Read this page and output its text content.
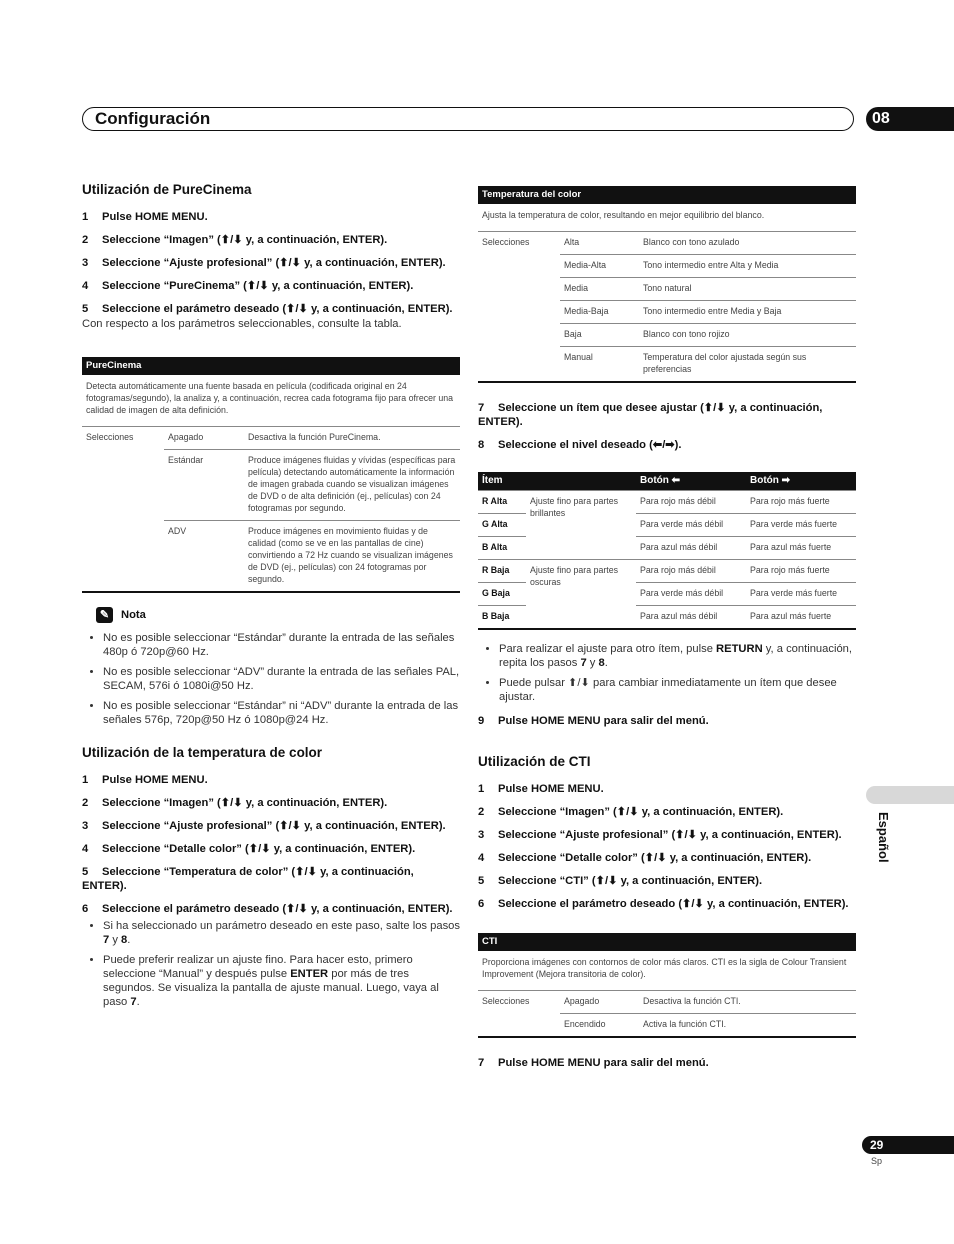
Configuración	08
Español
29
Sp
Utilización de PureCinema
1 Pulse HOME MENU.
2 Seleccione “Imagen” (⬆/⬇ y, a continuación, ENTER).
3 Seleccione “Ajuste profesional” (⬆/⬇ y, a continuación, ENTER).
4 Seleccione “PureCinema” (⬆/⬇ y, a continuación, ENTER).
5 Seleccione el parámetro deseado (⬆/⬇ y, a continuación, ENTER).
Con respecto a los parámetros seleccionables, consulte la tabla.
PureCinema		
Detecta automáticamente una fuente basada en película (codificada original en 24 fotogramas/segundo), la analiza y, a continuación, recrea cada fotograma fijo para ofrecer una calidad de imagen de alta definición.		
Selecciones	Apagado	Desactiva la función PureCinema.
	Estándar	Produce imágenes fluidas y vívidas (específicas para película) detectando automáticamente la información de imagen grabada cuando se visualizan imágenes de DVD o de alta definición (ej., películas) con 24 fotogramas por segundo.
	ADV	Produce imágenes en movimiento fluidas y de calidad (como se ve en las pantallas de cine) convirtiendo a 72 Hz cuando se visualizan imágenes de DVD (ej., películas) con 24 fotogramas por segundo.
✎	Nota
• No es posible seleccionar “Estándar” durante la entrada de las señales 480p ó 720p@60 Hz.
• No es posible seleccionar “ADV” durante la entrada de las señales PAL, SECAM, 576i ó 1080i@50 Hz.
• No es posible seleccionar “Estándar” ni “ADV” durante la entrada de las señales 576p, 720p@50 Hz ó 1080p@24 Hz.
Utilización de la temperatura de color
1 Pulse HOME MENU.
2 Seleccione “Imagen” (⬆/⬇ y, a continuación, ENTER).
3 Seleccione “Ajuste profesional” (⬆/⬇ y, a continuación, ENTER).
4 Seleccione “Detalle color” (⬆/⬇ y, a continuación, ENTER).
5 Seleccione “Temperatura de color” (⬆/⬇ y, a continuación, ENTER).
6 Seleccione el parámetro deseado (⬆/⬇ y, a continuación, ENTER).
• Si ha seleccionado un parámetro deseado en este paso, salte los pasos 7 y 8.
• Puede preferir realizar un ajuste fino. Para hacer esto, primero seleccione “Manual” y después pulse ENTER por más de tres segundos. Se visualiza la pantalla de ajuste manual. Luego, vaya al paso 7.
Temperatura del color		
Ajusta la temperatura de color, resultando en mejor equilibrio del blanco.		
Selecciones	Alta	Blanco con tono azulado
	Media-Alta	Tono intermedio entre Alta y Media
	Media	Tono natural
	Media-Baja	Tono intermedio entre Media y Baja
	Baja	Blanco con tono rojizo
	Manual	Temperatura del color ajustada según sus preferencias
7 Seleccione un ítem que desee ajustar (⬆/⬇ y, a continuación, ENTER).
8 Seleccione el nivel deseado (⬅/➡).
Ítem		Botón ⬅	Botón ➡
R Alta	Ajuste fino para partes brillantes	Para rojo más débil	Para rojo más fuerte
G Alta		Para verde más débil	Para verde más fuerte
B Alta		Para azul más débil	Para azul más fuerte
R Baja	Ajuste fino para partes oscuras	Para rojo más débil	Para rojo más fuerte
G Baja		Para verde más débil	Para verde más fuerte
B Baja		Para azul más débil	Para azul más fuerte
• Para realizar el ajuste para otro ítem, pulse RETURN y, a continuación, repita los pasos 7 y 8.
• Puede pulsar ⬆/⬇ para cambiar inmediatamente un ítem que desee ajustar.
9 Pulse HOME MENU para salir del menú.
Utilización de CTI
1 Pulse HOME MENU.
2 Seleccione “Imagen” (⬆/⬇ y, a continuación, ENTER).
3 Seleccione “Ajuste profesional” (⬆/⬇ y, a continuación, ENTER).
4 Seleccione “Detalle color” (⬆/⬇ y, a continuación, ENTER).
5 Seleccione “CTI” (⬆/⬇ y, a continuación, ENTER).
6 Seleccione el parámetro deseado (⬆/⬇ y, a continuación, ENTER).
CTI		
Proporciona imágenes con contornos de color más claros. CTI es la sigla de Colour Transient Improvement (Mejora transitoria de color).		
Selecciones	Apagado	Desactiva la función CTI.
	Encendido	Activa la función CTI.
7 Pulse HOME MENU para salir del menú.
